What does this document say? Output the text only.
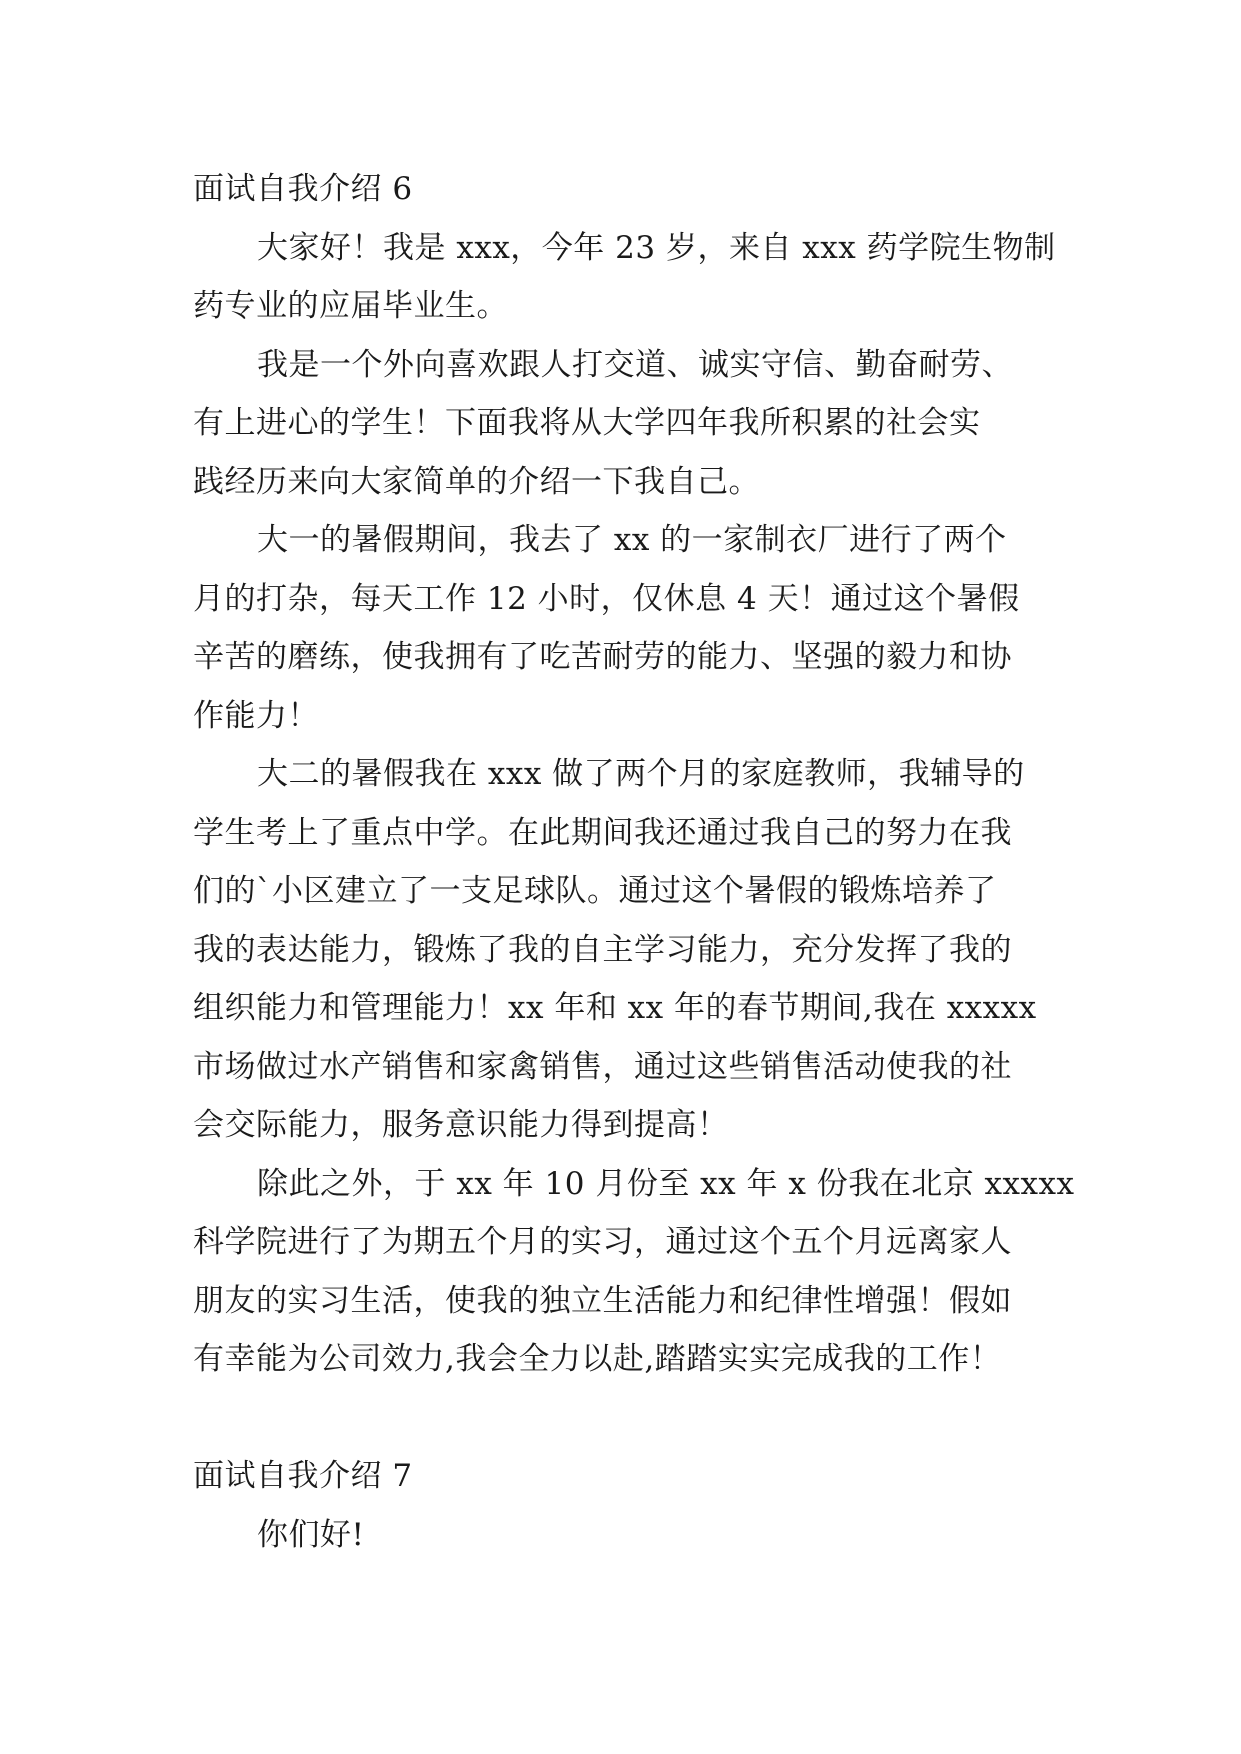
面试自我介绍 6
大家好！我是 xxx，今年 23 岁，来自 xxx 药学院生物制
药专业的应届毕业生。
我是一个外向喜欢跟人打交道、诚实守信、勤奋耐劳、
有上进心的学生！下面我将从大学四年我所积累的社会实
践经历来向大家简单的介绍一下我自己。
大一的暑假期间，我去了 xx 的一家制衣厂进行了两个
月的打杂，每天工作 12 小时，仅休息 4 天！通过这个暑假
辛苦的磨练，使我拥有了吃苦耐劳的能力、坚强的毅力和协
作能力！
大二的暑假我在 xxx 做了两个月的家庭教师，我辅导的
学生考上了重点中学。在此期间我还通过我自己的努力在我
们的`小区建立了一支足球队。通过这个暑假的锻炼培养了
我的表达能力，锻炼了我的自主学习能力，充分发挥了我的
组织能力和管理能力！xx 年和 xx 年的春节期间,我在 xxxxx
市场做过水产销售和家禽销售，通过这些销售活动使我的社
会交际能力，服务意识能力得到提高！
除此之外，于 xx 年 10 月份至 xx 年 x 份我在北京 xxxxx
科学院进行了为期五个月的实习，通过这个五个月远离家人
朋友的实习生活，使我的独立生活能力和纪律性增强！假如
有幸能为公司效力,我会全力以赴,踏踏实实完成我的工作！
面试自我介绍 7
你们好!
